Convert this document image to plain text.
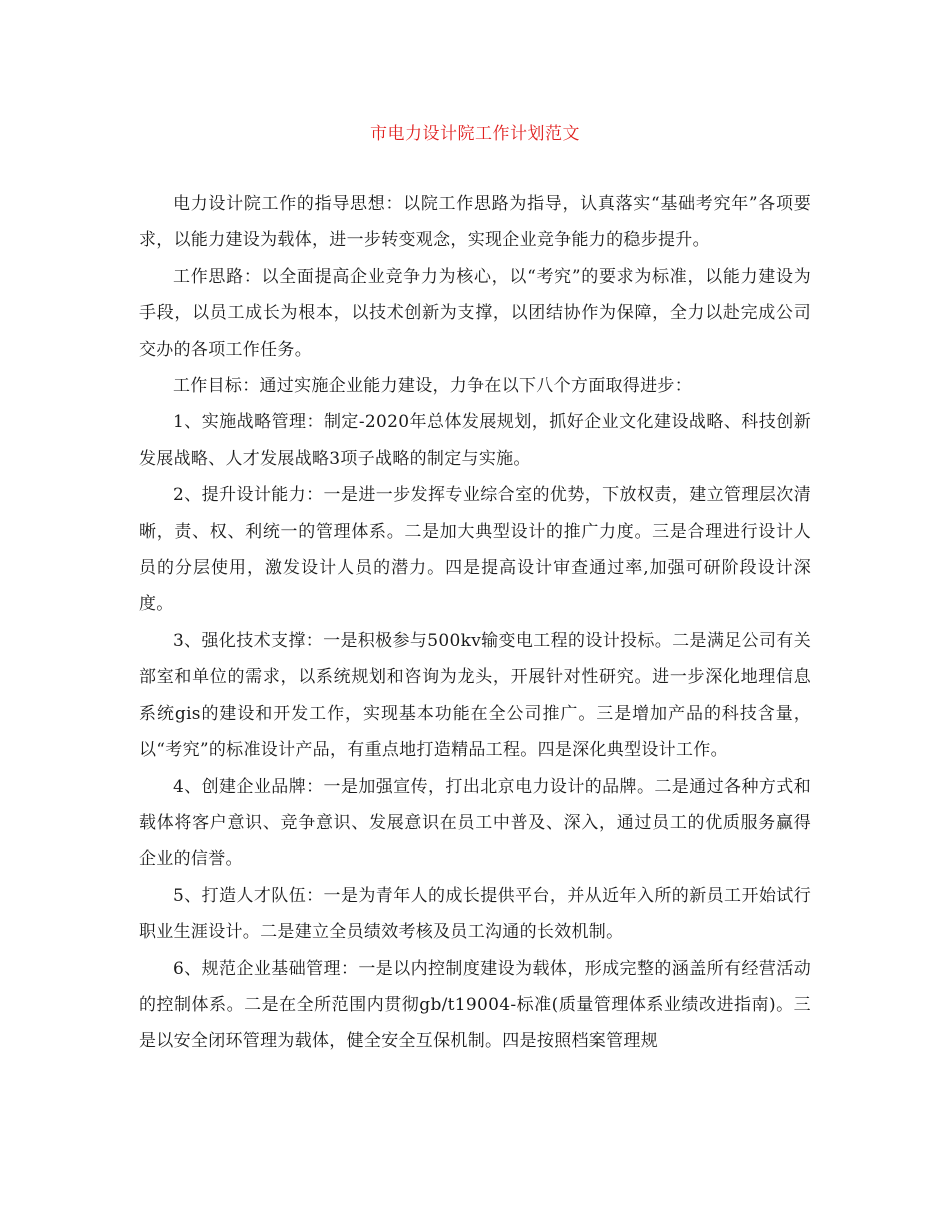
市电力设计院工作计划范文

电力设计院工作的指导思想：以院工作思路为指导，认真落实“基础考究年”各项要求，以能力建设为载体，进一步转变观念，实现企业竞争能力的稳步提升。

工作思路：以全面提高企业竞争力为核心，以“考究”的要求为标准，以能力建设为手段，以员工成长为根本，以技术创新为支撑，以团结协作为保障，全力以赴完成公司交办的各项工作任务。

工作目标：通过实施企业能力建设，力争在以下八个方面取得进步：

1、实施战略管理：制定-2020年总体发展规划，抓好企业文化建设战略、科技创新发展战略、人才发展战略3项子战略的制定与实施。

2、提升设计能力：一是进一步发挥专业综合室的优势，下放权责，建立管理层次清晰，责、权、利统一的管理体系。二是加大典型设计的推广力度。三是合理进行设计人员的分层使用，激发设计人员的潜力。四是提高设计审查通过率,加强可研阶段设计深度。

3、强化技术支撑：一是积极参与500kv输变电工程的设计投标。二是满足公司有关部室和单位的需求，以系统规划和咨询为龙头，开展针对性研究。进一步深化地理信息系统gis的建设和开发工作，实现基本功能在全公司推广。三是增加产品的科技含量，以“考究”的标准设计产品，有重点地打造精品工程。四是深化典型设计工作。

4、创建企业品牌：一是加强宣传，打出北京电力设计的品牌。二是通过各种方式和载体将客户意识、竞争意识、发展意识在员工中普及、深入，通过员工的优质服务赢得企业的信誉。

5、打造人才队伍：一是为青年人的成长提供平台，并从近年入所的新员工开始试行职业生涯设计。二是建立全员绩效考核及员工沟通的长效机制。

6、规范企业基础管理：一是以内控制度建设为载体，形成完整的涵盖所有经营活动的控制体系。二是在全所范围内贯彻gb/t19004-标准(质量管理体系业绩改进指南)。三是以安全闭环管理为载体，健全安全互保机制。四是按照档案管理规
